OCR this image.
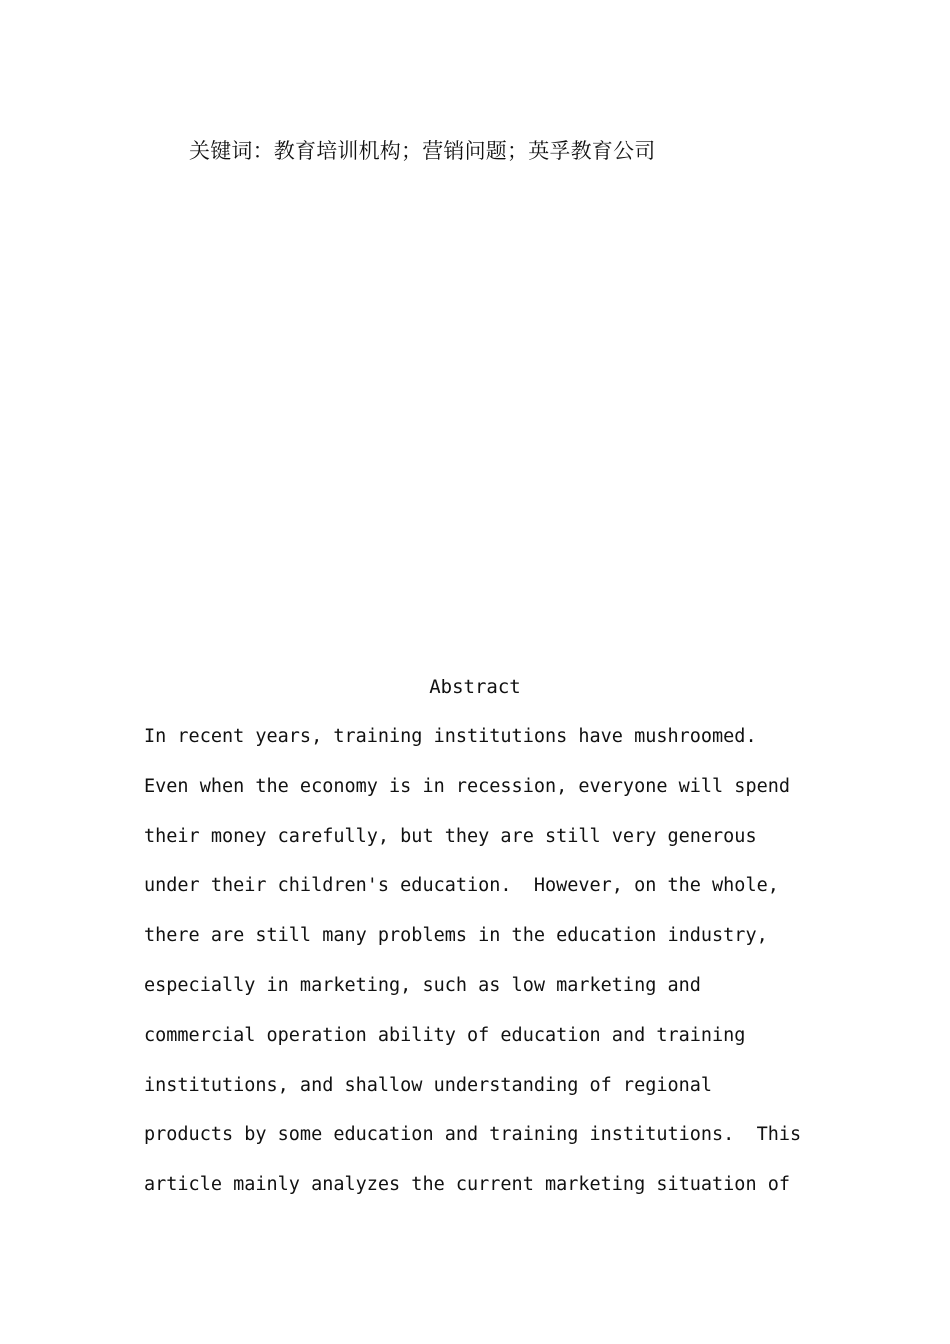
关键词：教育培训机构；营销问题；英孚教育公司
Abstract
In recent years, training institutions have mushroomed.
Even when the economy is in recession, everyone will spend
their money carefully, but they are still very generous
under their children's education.  However, on the whole,
there are still many problems in the education industry,
especially in marketing, such as low marketing and
commercial operation ability of education and training
institutions, and shallow understanding of regional
products by some education and training institutions.  This
article mainly analyzes the current marketing situation of
